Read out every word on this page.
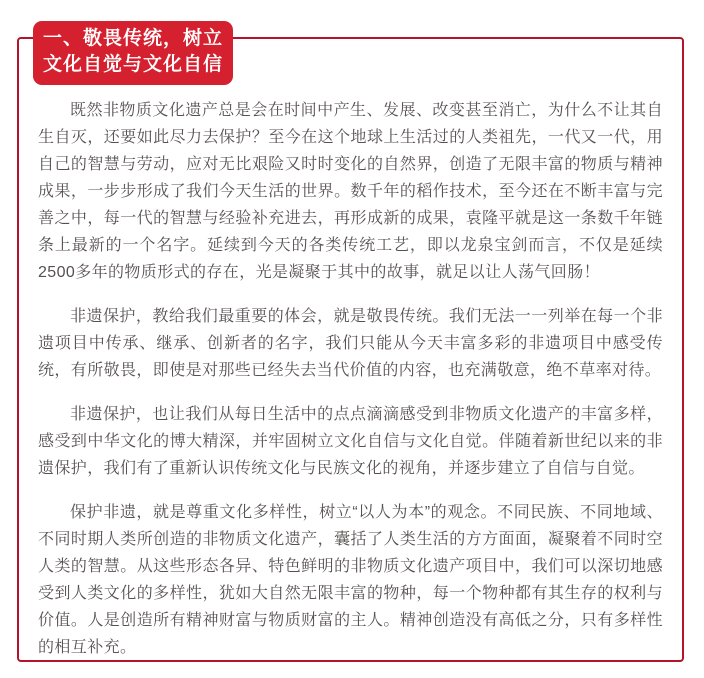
一、敬畏传统，树立
文化自觉与文化自信

既然非物质文化遗产总是会在时间中产生、发展、改变甚至消亡，为什么不让其自生自灭，还要如此尽力去保护？至今在这个地球上生活过的人类祖先，一代又一代，用自己的智慧与劳动，应对无比艰险又时时变化的自然界，创造了无限丰富的物质与精神成果，一步步形成了我们今天生活的世界。数千年的稻作技术，至今还在不断丰富与完善之中，每一代的智慧与经验补充进去，再形成新的成果，袁隆平就是这一条数千年链条上最新的一个名字。延续到今天的各类传统工艺，即以龙泉宝剑而言，不仅是延续2500多年的物质形式的存在，光是凝聚于其中的故事，就足以让人荡气回肠！

非遗保护，教给我们最重要的体会，就是敬畏传统。我们无法一一列举在每一个非遗项目中传承、继承、创新者的名字，我们只能从今天丰富多彩的非遗项目中感受传统，有所敬畏，即使是对那些已经失去当代价值的内容，也充满敬意，绝不草率对待。

非遗保护，也让我们从每日生活中的点点滴滴感受到非物质文化遗产的丰富多样，感受到中华文化的博大精深，并牢固树立文化自信与文化自觉。伴随着新世纪以来的非遗保护，我们有了重新认识传统文化与民族文化的视角，并逐步建立了自信与自觉。

保护非遗，就是尊重文化多样性，树立“以人为本”的观念。不同民族、不同地域、不同时期人类所创造的非物质文化遗产，囊括了人类生活的方方面面，凝聚着不同时空人类的智慧。从这些形态各异、特色鲜明的非物质文化遗产项目中，我们可以深切地感受到人类文化的多样性，犹如大自然无限丰富的物种，每一个物种都有其生存的权利与价值。人是创造所有精神财富与物质财富的主人。精神创造没有高低之分，只有多样性的相互补充。
